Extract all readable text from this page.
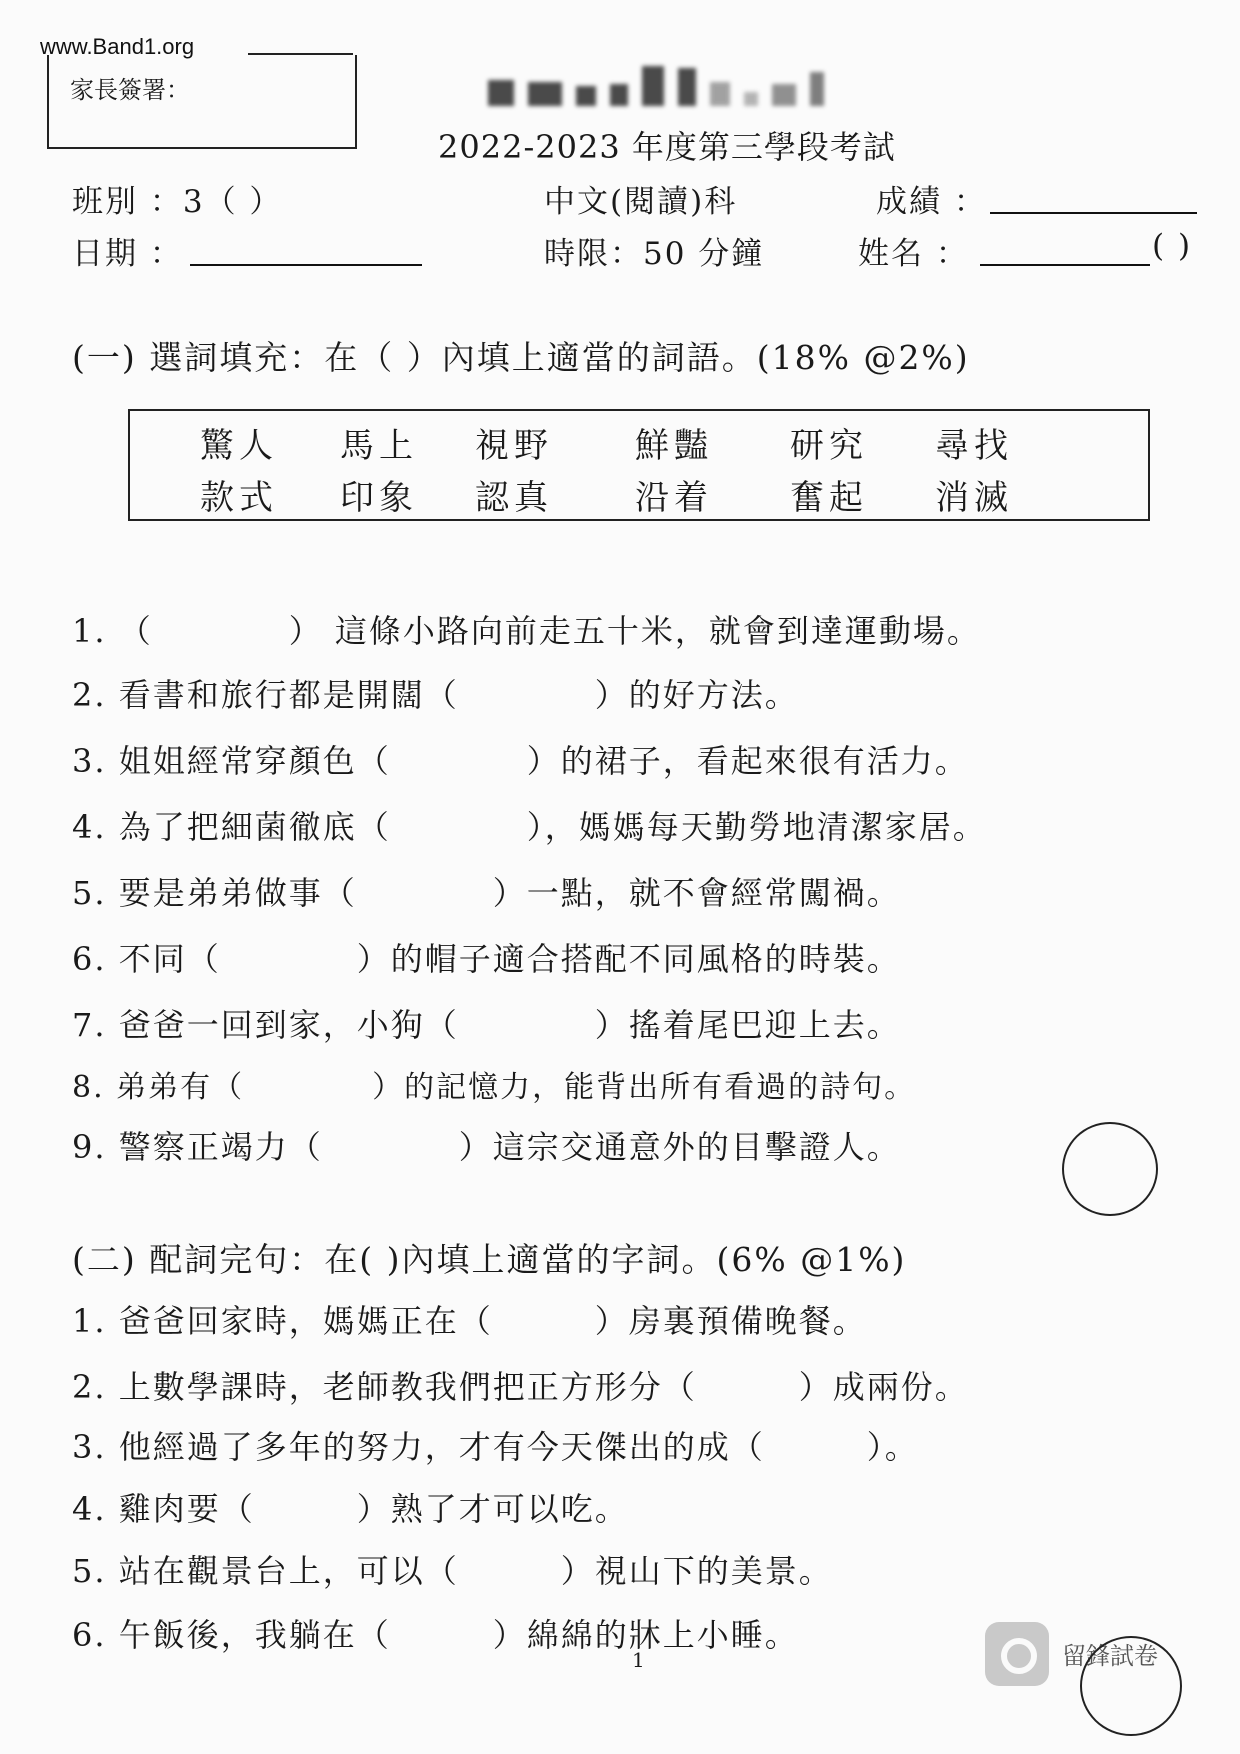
www.Band1.org
家長簽署：
2022-2023 年度第三學段考試
班別 ：3（ ）	中文(閱讀)科	成績 ：
日期 ：	時限：50 分鐘	姓名 ：	( )
(一) 選詞填充：在（ ）內填上適當的詞語。(18% @2%)
驚人 馬上 視野 鮮豔 研究 尋找
款式 印象 認真 沿着 奮起 消滅
1. （　　　　） 這條小路向前走五十米，就會到達運動場。
2. 看書和旅行都是開闊（　　　　）的好方法。
3. 姐姐經常穿顏色（　　　　）的裙子，看起來很有活力。
4. 為了把細菌徹底（　　　　），媽媽每天勤勞地清潔家居。
5. 要是弟弟做事（　　　　）一點，就不會經常闖禍。
6. 不同（　　　　）的帽子適合搭配不同風格的時裝。
7. 爸爸一回到家，小狗（　　　　）搖着尾巴迎上去。
8. 弟弟有（　　　　）的記憶力，能背出所有看過的詩句。
9. 警察正竭力（　　　　）這宗交通意外的目擊證人。
(二) 配詞完句：在( )內填上適當的字詞。(6% @1%)
1. 爸爸回家時，媽媽正在（　　　）房裏預備晚餐。
2. 上數學課時，老師教我們把正方形分（　　　）成兩份。
3. 他經過了多年的努力，才有今天傑出的成（　　　）。
4. 雞肉要（　　　）熟了才可以吃。
5. 站在觀景台上，可以（　　　）視山下的美景。
6. 午飯後，我躺在（　　　）綿綿的牀上小睡。
1	留鋒試卷
